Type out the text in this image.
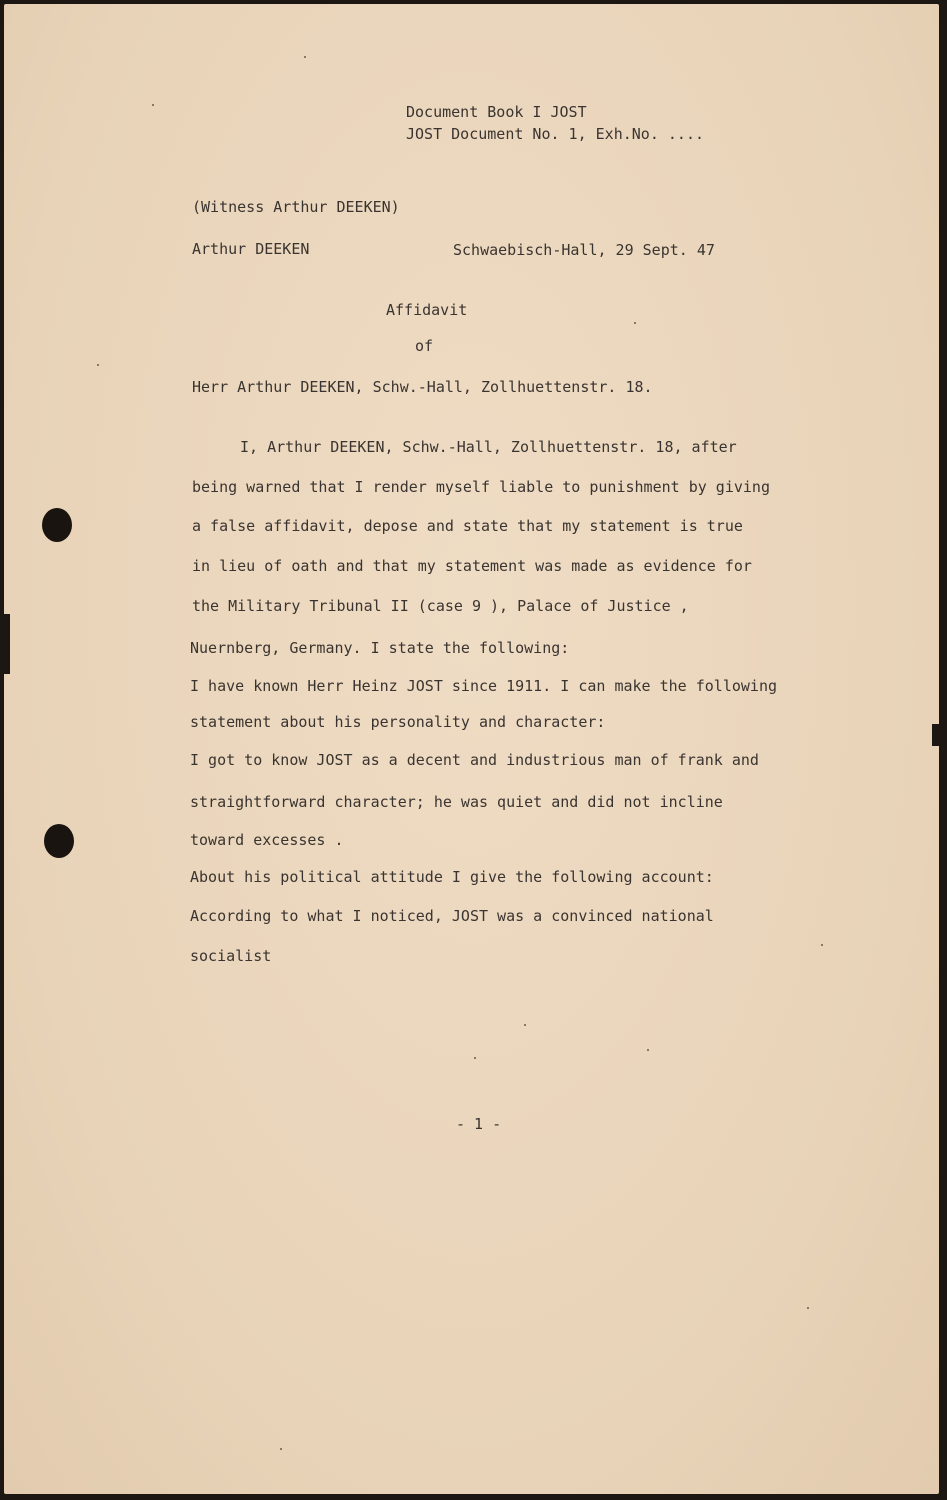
Document Book I JOST
JOST Document No. 1, Exh.No. ....
(Witness Arthur DEEKEN)
Arthur DEEKEN	Schwaebisch-Hall, 29 Sept. 47
Affidavit
of
Herr Arthur DEEKEN, Schw.-Hall, Zollhuettenstr. 18.
I, Arthur DEEKEN, Schw.-Hall, Zollhuettenstr. 18, after
being warned that I render myself liable to punishment by giving
a false affidavit, depose and state that my statement is true
in lieu of oath and that my statement was made as evidence for
the Military Tribunal II (case 9 ), Palace of Justice ,
Nuernberg, Germany. I state the following:
I have known Herr Heinz JOST since 1911. I can make the following
statement about his personality and character:
I got to know JOST as a decent and industrious man of frank and
straightforward character; he was quiet and did not incline
toward excesses .
About his political attitude I give the following account:
According to what I noticed, JOST was a convinced national
socialist
- 1 -
